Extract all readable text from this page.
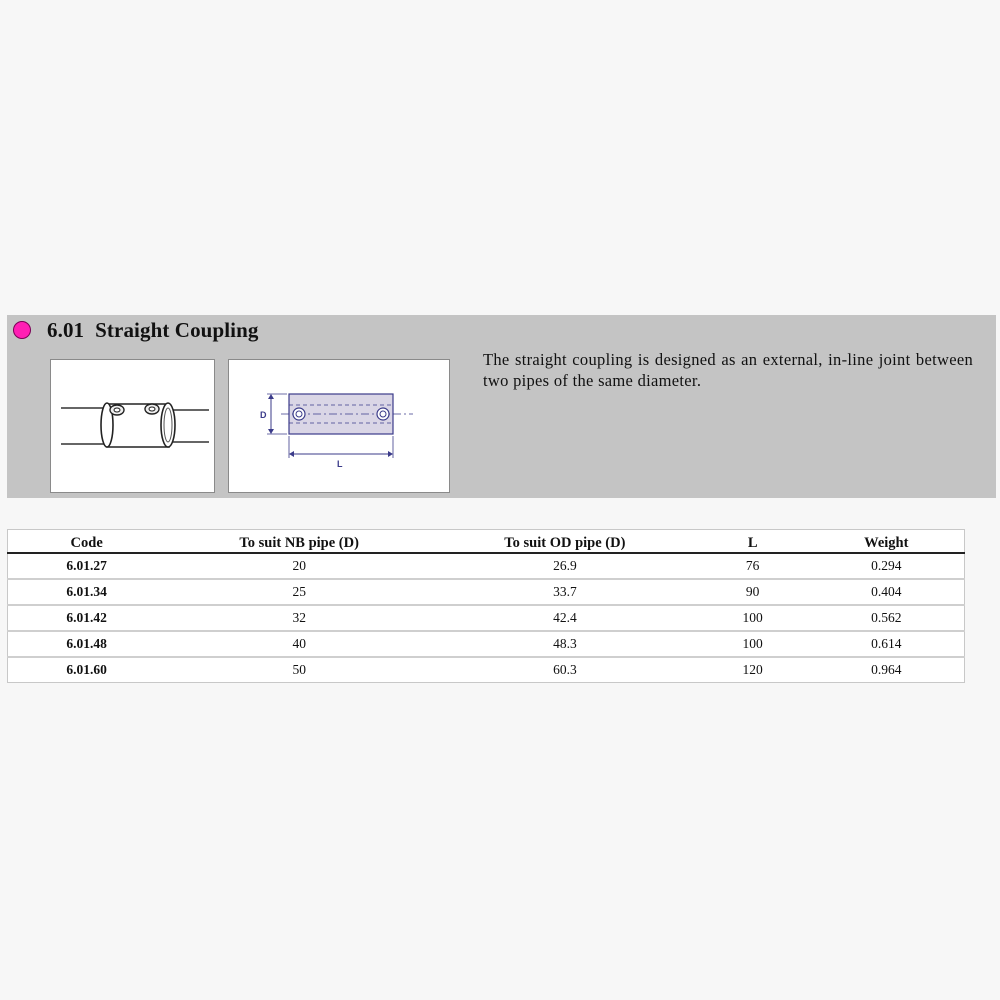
6.01 Straight Coupling
D
L
The straight coupling is designed as an external, in-line joint between two pipes of the same diameter.
Code	To suit NB pipe (D)	To suit OD pipe (D)	L	Weight
6.01.27	20	26.9	76	0.294
6.01.34	25	33.7	90	0.404
6.01.42	32	42.4	100	0.562
6.01.48	40	48.3	100	0.614
6.01.60	50	60.3	120	0.964
